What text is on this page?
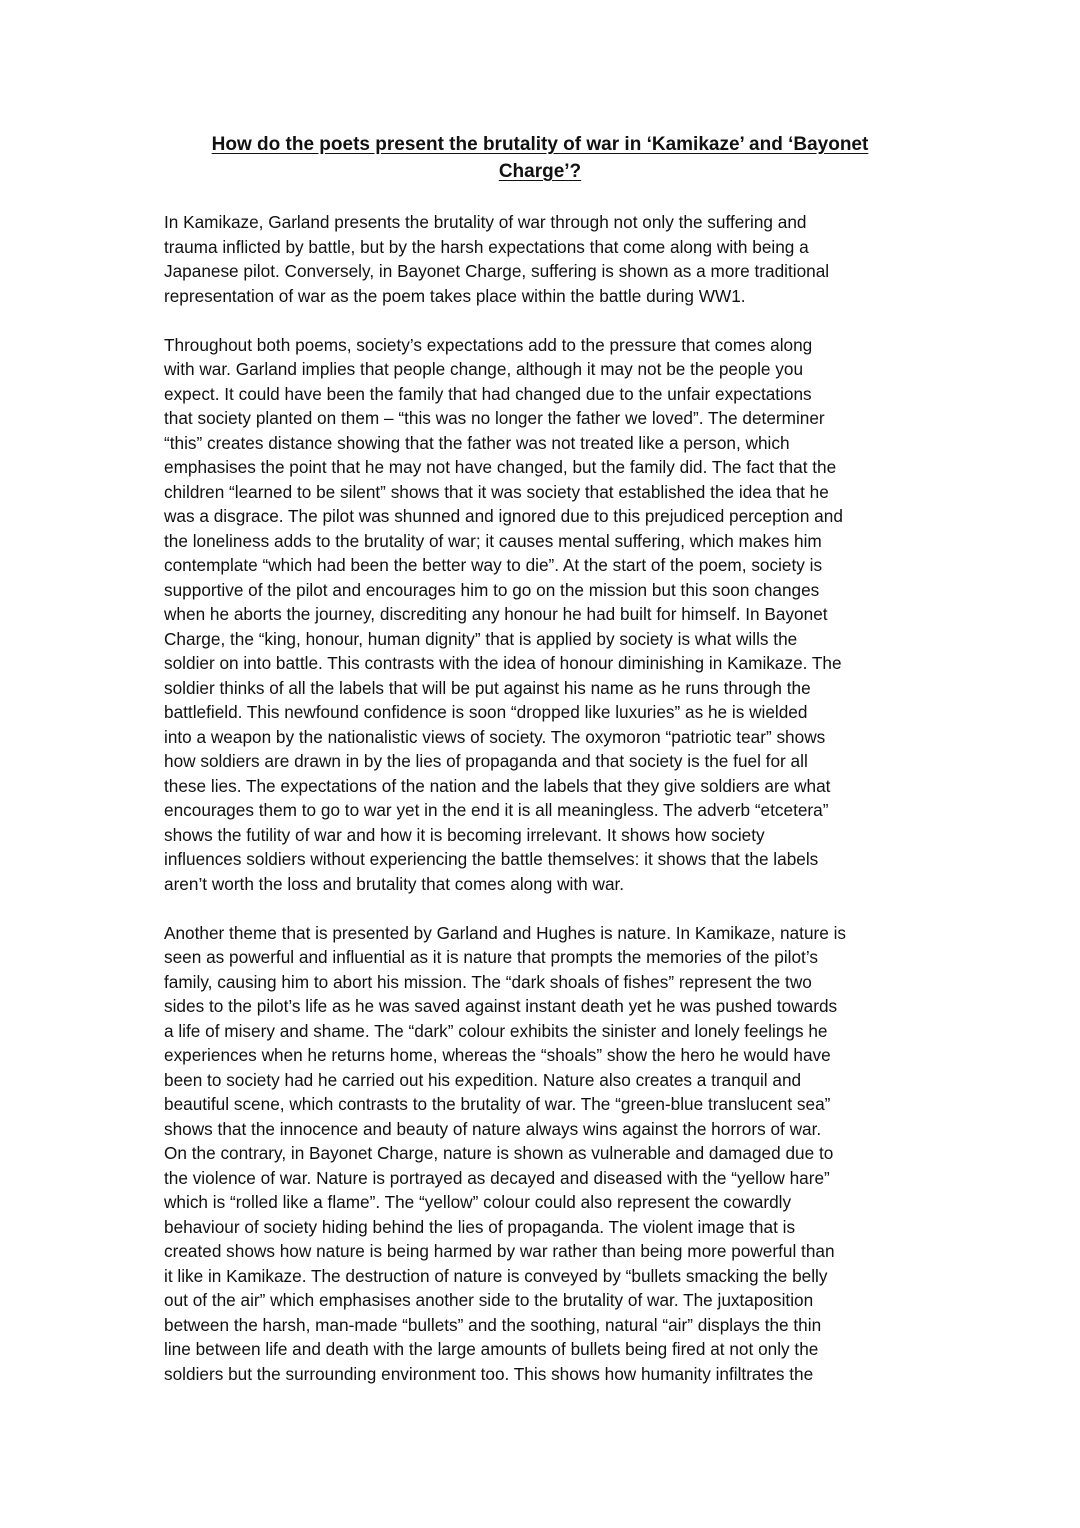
How do the poets present the brutality of war in ‘Kamikaze’ and ‘Bayonet
Charge’?
In Kamikaze, Garland presents the brutality of war through not only the suffering and
trauma inflicted by battle, but by the harsh expectations that come along with being a
Japanese pilot. Conversely, in Bayonet Charge, suffering is shown as a more traditional
representation of war as the poem takes place within the battle during WW1.
Throughout both poems, society’s expectations add to the pressure that comes along
with war. Garland implies that people change, although it may not be the people you
expect. It could have been the family that had changed due to the unfair expectations
that society planted on them – “this was no longer the father we loved”. The determiner
“this” creates distance showing that the father was not treated like a person, which
emphasises the point that he may not have changed, but the family did. The fact that the
children “learned to be silent” shows that it was society that established the idea that he
was a disgrace. The pilot was shunned and ignored due to this prejudiced perception and
the loneliness adds to the brutality of war; it causes mental suffering, which makes him
contemplate “which had been the better way to die”. At the start of the poem, society is
supportive of the pilot and encourages him to go on the mission but this soon changes
when he aborts the journey, discrediting any honour he had built for himself. In Bayonet
Charge, the “king, honour, human dignity” that is applied by society is what wills the
soldier on into battle. This contrasts with the idea of honour diminishing in Kamikaze. The
soldier thinks of all the labels that will be put against his name as he runs through the
battlefield. This newfound confidence is soon “dropped like luxuries” as he is wielded
into a weapon by the nationalistic views of society. The oxymoron “patriotic tear” shows
how soldiers are drawn in by the lies of propaganda and that society is the fuel for all
these lies. The expectations of the nation and the labels that they give soldiers are what
encourages them to go to war yet in the end it is all meaningless. The adverb “etcetera”
shows the futility of war and how it is becoming irrelevant. It shows how society
influences soldiers without experiencing the battle themselves: it shows that the labels
aren’t worth the loss and brutality that comes along with war.
Another theme that is presented by Garland and Hughes is nature. In Kamikaze, nature is
seen as powerful and influential as it is nature that prompts the memories of the pilot’s
family, causing him to abort his mission. The “dark shoals of fishes” represent the two
sides to the pilot’s life as he was saved against instant death yet he was pushed towards
a life of misery and shame. The “dark” colour exhibits the sinister and lonely feelings he
experiences when he returns home, whereas the “shoals” show the hero he would have
been to society had he carried out his expedition. Nature also creates a tranquil and
beautiful scene, which contrasts to the brutality of war. The “green-blue translucent sea”
shows that the innocence and beauty of nature always wins against the horrors of war.
On the contrary, in Bayonet Charge, nature is shown as vulnerable and damaged due to
the violence of war. Nature is portrayed as decayed and diseased with the “yellow hare”
which is “rolled like a flame”. The “yellow” colour could also represent the cowardly
behaviour of society hiding behind the lies of propaganda. The violent image that is
created shows how nature is being harmed by war rather than being more powerful than
it like in Kamikaze. The destruction of nature is conveyed by “bullets smacking the belly
out of the air” which emphasises another side to the brutality of war. The juxtaposition
between the harsh, man-made “bullets” and the soothing, natural “air” displays the thin
line between life and death with the large amounts of bullets being fired at not only the
soldiers but the surrounding environment too. This shows how humanity infiltrates the
